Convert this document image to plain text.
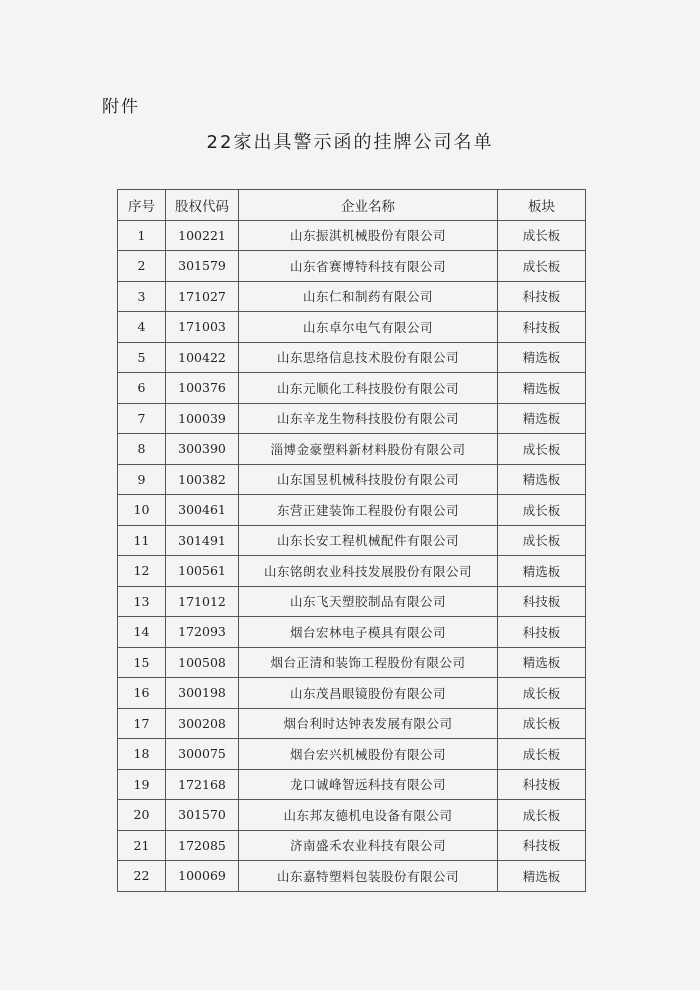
附件
22家出具警示函的挂牌公司名单
序号	股权代码	企业名称	板块
1	100221	山东振淇机械股份有限公司	成长板
2	301579	山东省赛博特科技有限公司	成长板
3	171027	山东仁和制药有限公司	科技板
4	171003	山东卓尔电气有限公司	科技板
5	100422	山东思络信息技术股份有限公司	精选板
6	100376	山东元顺化工科技股份有限公司	精选板
7	100039	山东辛龙生物科技股份有限公司	精选板
8	300390	淄博金豪塑料新材料股份有限公司	成长板
9	100382	山东国昱机械科技股份有限公司	精选板
10	300461	东营正建装饰工程股份有限公司	成长板
11	301491	山东长安工程机械配件有限公司	成长板
12	100561	山东铭朗农业科技发展股份有限公司	精选板
13	171012	山东飞天塑胶制品有限公司	科技板
14	172093	烟台宏林电子模具有限公司	科技板
15	100508	烟台正清和装饰工程股份有限公司	精选板
16	300198	山东茂昌眼镜股份有限公司	成长板
17	300208	烟台利时达钟表发展有限公司	成长板
18	300075	烟台宏兴机械股份有限公司	成长板
19	172168	龙口诚峰智远科技有限公司	科技板
20	301570	山东邦友德机电设备有限公司	成长板
21	172085	济南盛禾农业科技有限公司	科技板
22	100069	山东嘉特塑料包装股份有限公司	精选板
